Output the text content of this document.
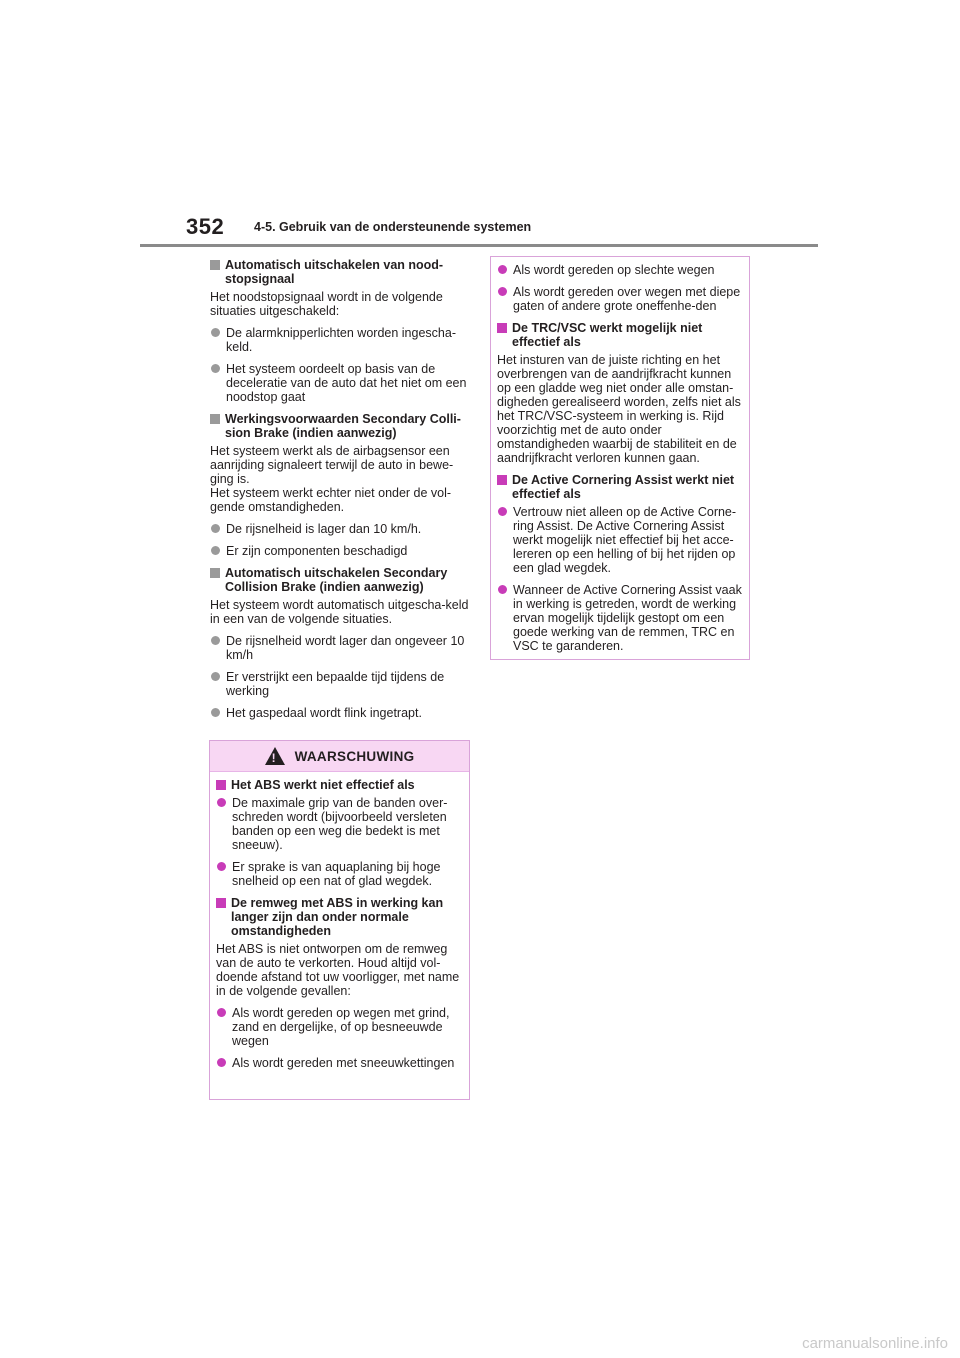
352 4-5. Gebruik van de ondersteunende systemen
Automatisch uitschakelen van nood-
stopsignaal
Het noodstopsignaal wordt in de volgende situaties uitgeschakeld:
De alarmknipperlichten worden ingescha-keld.
Het systeem oordeelt op basis van de deceleratie van de auto dat het niet om een noodstop gaat
Werkingsvoorwaarden Secondary Colli-sion Brake (indien aanwezig)
Het systeem werkt als de airbagsensor een aanrijding signaleert terwijl de auto in bewe-ging is.
Het systeem werkt echter niet onder de vol-gende omstandigheden.
De rijsnelheid is lager dan 10 km/h.
Er zijn componenten beschadigd
Automatisch uitschakelen Secondary Collision Brake (indien aanwezig)
Het systeem wordt automatisch uitgescha-keld in een van de volgende situaties.
De rijsnelheid wordt lager dan ongeveer 10 km/h
Er verstrijkt een bepaalde tijd tijdens de werking
Het gaspedaal wordt flink ingetrapt.
! WAARSCHUWING
Het ABS werkt niet effectief als
De maximale grip van de banden over-schreden wordt (bijvoorbeeld versleten banden op een weg die bedekt is met sneeuw).
Er sprake is van aquaplaning bij hoge snelheid op een nat of glad wegdek.
De remweg met ABS in werking kan langer zijn dan onder normale omstandigheden
Het ABS is niet ontworpen om de remweg van de auto te verkorten. Houd altijd vol-doende afstand tot uw voorligger, met name in de volgende gevallen:
Als wordt gereden op wegen met grind, zand en dergelijke, of op besneeuwde wegen
Als wordt gereden met sneeuwkettingen
Als wordt gereden op slechte wegen
Als wordt gereden over wegen met diepe gaten of andere grote oneffenhe-den
De TRC/VSC werkt mogelijk niet effectief als
Het insturen van de juiste richting en het overbrengen van de aandrijfkracht kunnen op een gladde weg niet onder alle omstan-digheden gerealiseerd worden, zelfs niet als het TRC/VSC-systeem in werking is. Rijd voorzichtig met de auto onder omstandigheden waarbij de stabiliteit en de aandrijfkracht verloren kunnen gaan.
De Active Cornering Assist werkt niet effectief als
Vertrouw niet alleen op de Active Corne-ring Assist. De Active Cornering Assist werkt mogelijk niet effectief bij het acce-lereren op een helling of bij het rijden op een glad wegdek.
Wanneer de Active Cornering Assist vaak in werking is getreden, wordt de werking ervan mogelijk tijdelijk gestopt om een goede werking van de remmen, TRC en VSC te garanderen.
carmanualsonline.info
